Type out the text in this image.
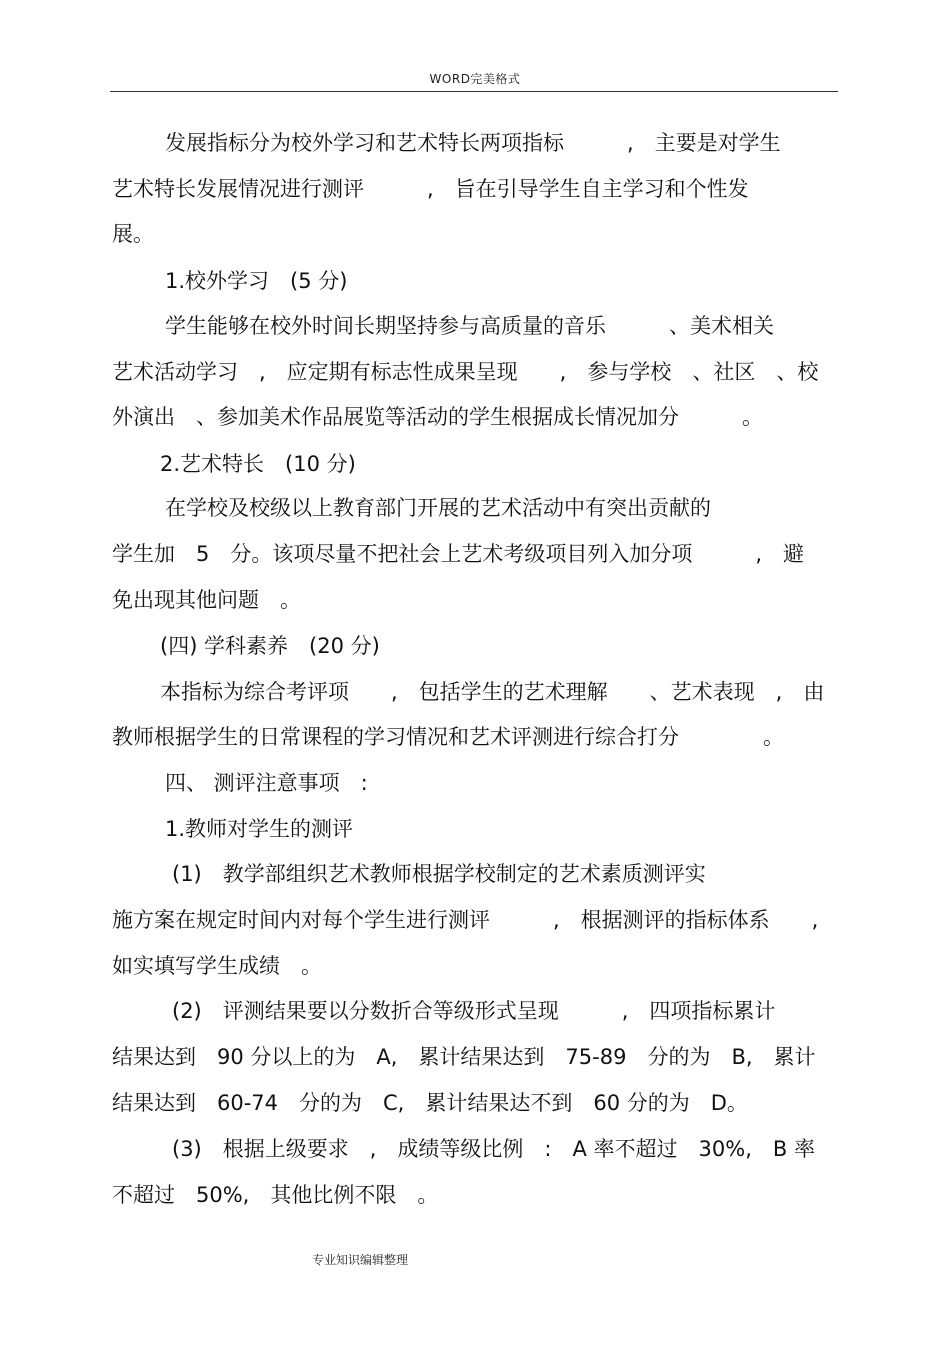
WORD完美格式
发展指标分为校外学习和艺术特长两项指标　　　,　主要是对学生
艺术特长发展情况进行测评　　　,　旨在引导学生自主学习和个性发
展。
1.校外学习　(5 分)
学生能够在校外时间长期坚持参与高质量的音乐　　　、美术相关
艺术活动学习　,　应定期有标志性成果呈现　　,　参与学校　、社区　、校
外演出　、参加美术作品展览等活动的学生根据成长情况加分　　　。
2.艺术特长　(10 分)
在学校及校级以上教育部门开展的艺术活动中有突出贡献的
学生加　5　分。该项尽量不把社会上艺术考级项目列入加分项　　　,　避
免出现其他问题　。
(四) 学科素养　(20 分)
本指标为综合考评项　　,　包括学生的艺术理解　　、艺术表现　,　由
教师根据学生的日常课程的学习情况和艺术评测进行综合打分　　　　。
四、 测评注意事项　:
1.教师对学生的测评
(1)　教学部组织艺术教师根据学校制定的艺术素质测评实
施方案在规定时间内对每个学生进行测评　　　,　根据测评的指标体系　　,
如实填写学生成绩　。
(2)　评测结果要以分数折合等级形式呈现　　　,　四项指标累计
结果达到　90 分以上的为　A,　累计结果达到　75-89　分的为　B,　累计
结果达到　60-74　分的为　C,　累计结果达不到　60 分的为　D。
(3)　根据上级要求　,　成绩等级比例　:　A 率不超过　30%,　B 率
不超过　50%,　其他比例不限　。
专业知识编辑整理
